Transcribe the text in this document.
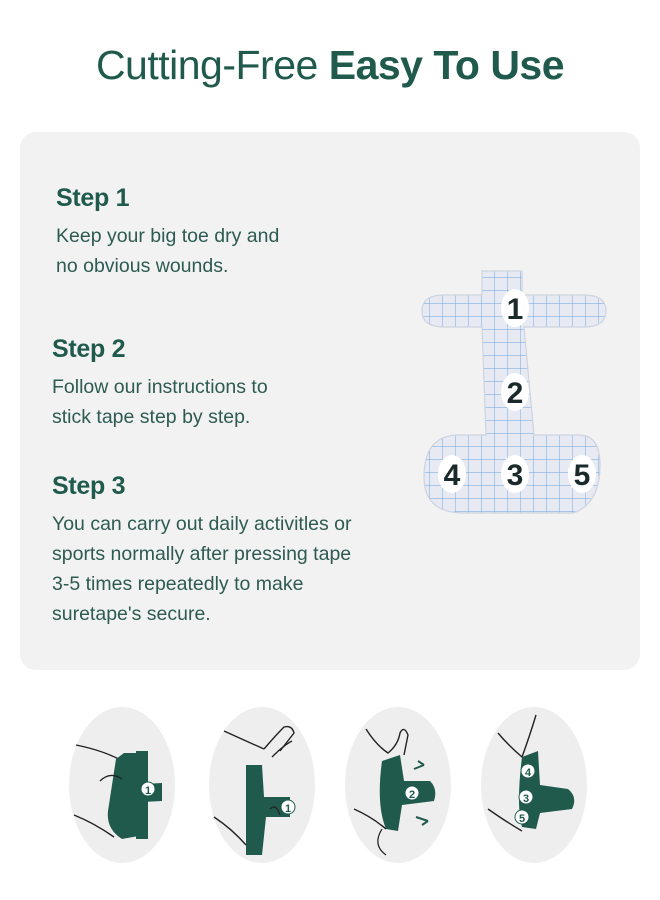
Cutting-Free Easy To Use
Step 1

Keep your big toe dry and
no obvious wounds.

Step 2

Follow our instructions to
stick tape step by step.

Step 3

You can carry out daily activitles or
sports normally after pressing tape
3-5 times repeatedly to make
suretape's secure.

1
2
3
4	5
1
1
2
4
3
5
